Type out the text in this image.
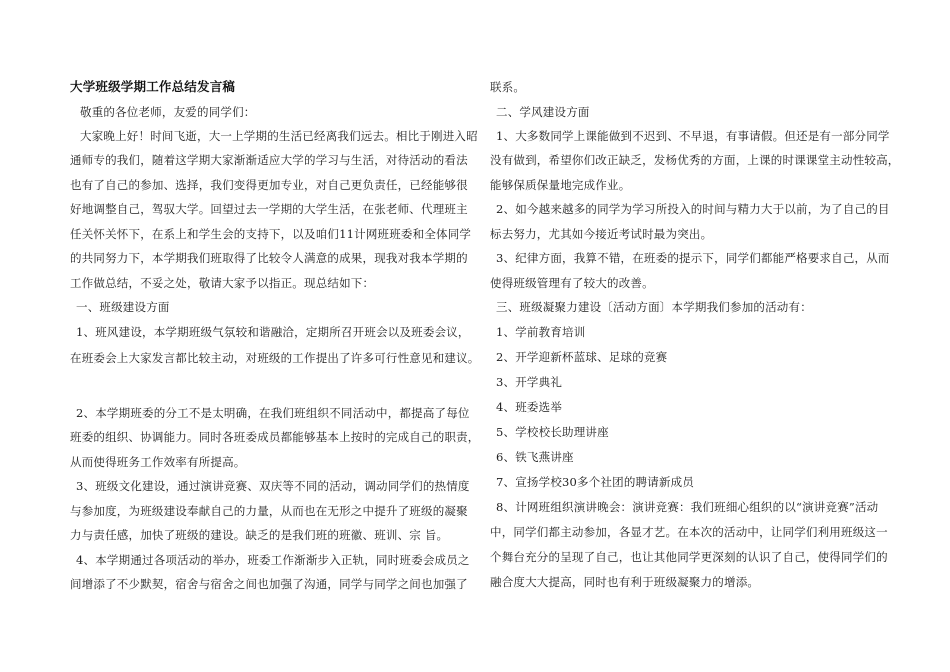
大学班级学期工作总结发言稿
敬重的各位老师，友爱的同学们：
大家晚上好！时间飞逝，大一上学期的生活已经离我们远去。相比于刚进入昭
通师专的我们，随着这学期大家渐渐适应大学的学习与生活，对待活动的看法
也有了自己的参加、选择，我们变得更加专业，对自己更负责任，已经能够很
好地调整自己，驾驭大学。回望过去一学期的大学生活，在张老师、代理班主
任关怀关怀下，在系上和学生会的支持下，以及咱们11计网班班委和全体同学
的共同努力下，本学期我们班取得了比较令人满意的成果，现我对我本学期的
工作做总结，不妥之处，敬请大家予以指正。现总结如下：
一、班级建设方面
1、班风建设，本学期班级气氛较和谐融洽，定期所召开班会以及班委会议，
在班委会上大家发言都比较主动，对班级的工作提出了许多可行性意见和建议。
2、本学期班委的分工不是太明确，在我们班组织不同活动中，都提高了每位
班委的组织、协调能力。同时各班委成员都能够基本上按时的完成自己的职责，
从而使得班务工作效率有所提高。
3、班级文化建设，通过演讲竞赛、双庆等不同的活动，调动同学们的热情度
与参加度，为班级建设奉献自己的力量，从而也在无形之中提升了班级的凝聚
力与责任感，加快了班级的建设。缺乏的是我们班的班徽、班训、宗 旨。
4、本学期通过各项活动的举办，班委工作渐渐步入正轨，同时班委会成员之
间增添了不少默契，宿舍与宿舍之间也加强了沟通，同学与同学之间也加强了
联系。
二、学风建设方面
1、大多数同学上课能做到不迟到、不早退，有事请假。但还是有一部分同学
没有做到，希望你们改正缺乏，发杨优秀的方面，上课的时课课堂主动性较高，
能够保质保量地完成作业。
2、如今越来越多的同学为学习所投入的时间与精力大于以前，为了自己的目
标去努力，尤其如今接近考试时最为突出。
3、纪律方面，我算不错，在班委的提示下，同学们都能严格要求自己，从而
使得班级管理有了较大的改善。
三、班级凝聚力建设〔活动方面〕本学期我们参加的活动有：
1、学前教育培训
2、开学迎新杯蓝球、足球的竞赛
3、开学典礼
4、班委选举
5、学校校长助理讲座
6、铁飞燕讲座
7、宣扬学校30多个社团的聘请新成员
8、计网班组织演讲晚会：演讲竞赛：我们班细心组织的以“演讲竞赛”活动
中，同学们都主动参加，各显才艺。在本次的活动中，让同学们利用班级这一
个舞台充分的呈现了自己，也让其他同学更深刻的认识了自己，使得同学们的
融合度大大提高，同时也有利于班级凝聚力的增添。
